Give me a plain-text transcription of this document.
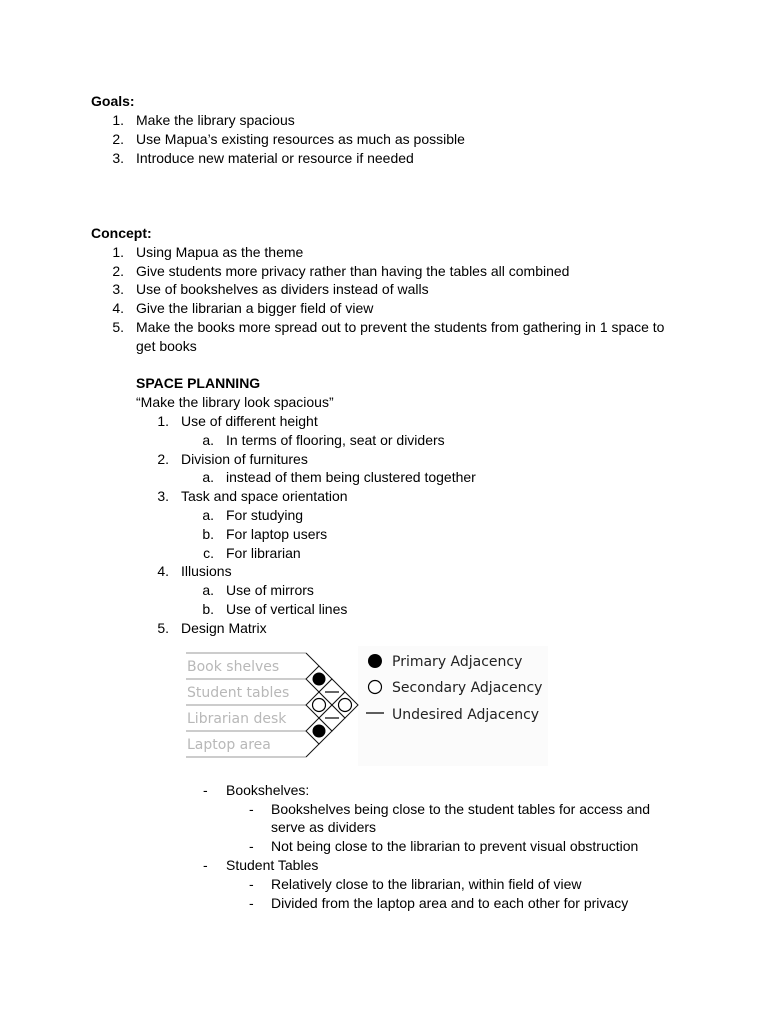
Goals:
1. Make the library spacious
2. Use Mapua’s existing resources as much as possible
3. Introduce new material or resource if needed
Concept:
1. Using Mapua as the theme
2. Give students more privacy rather than having the tables all combined
3. Use of bookshelves as dividers instead of walls
4. Give the librarian a bigger field of view
5. Make the books more spread out to prevent the students from gathering in 1 space to
get books
SPACE PLANNING
“Make the library look spacious”
1. Use of different height
a. In terms of flooring, seat or dividers
2. Division of furnitures
a. instead of them being clustered together
3. Task and space orientation
a. For studying
b. For laptop users
c. For librarian
4. Illusions
a. Use of mirrors
b. Use of vertical lines
5. Design Matrix
Book shelves
Student tables
Librarian desk
Laptop area
Primary Adjacency
Secondary Adjacency
Undesired Adjacency
- Bookshelves:
- Bookshelves being close to the student tables for access and
serve as dividers
- Not being close to the librarian to prevent visual obstruction
- Student Tables
- Relatively close to the librarian, within field of view
- Divided from the laptop area and to each other for privacy
